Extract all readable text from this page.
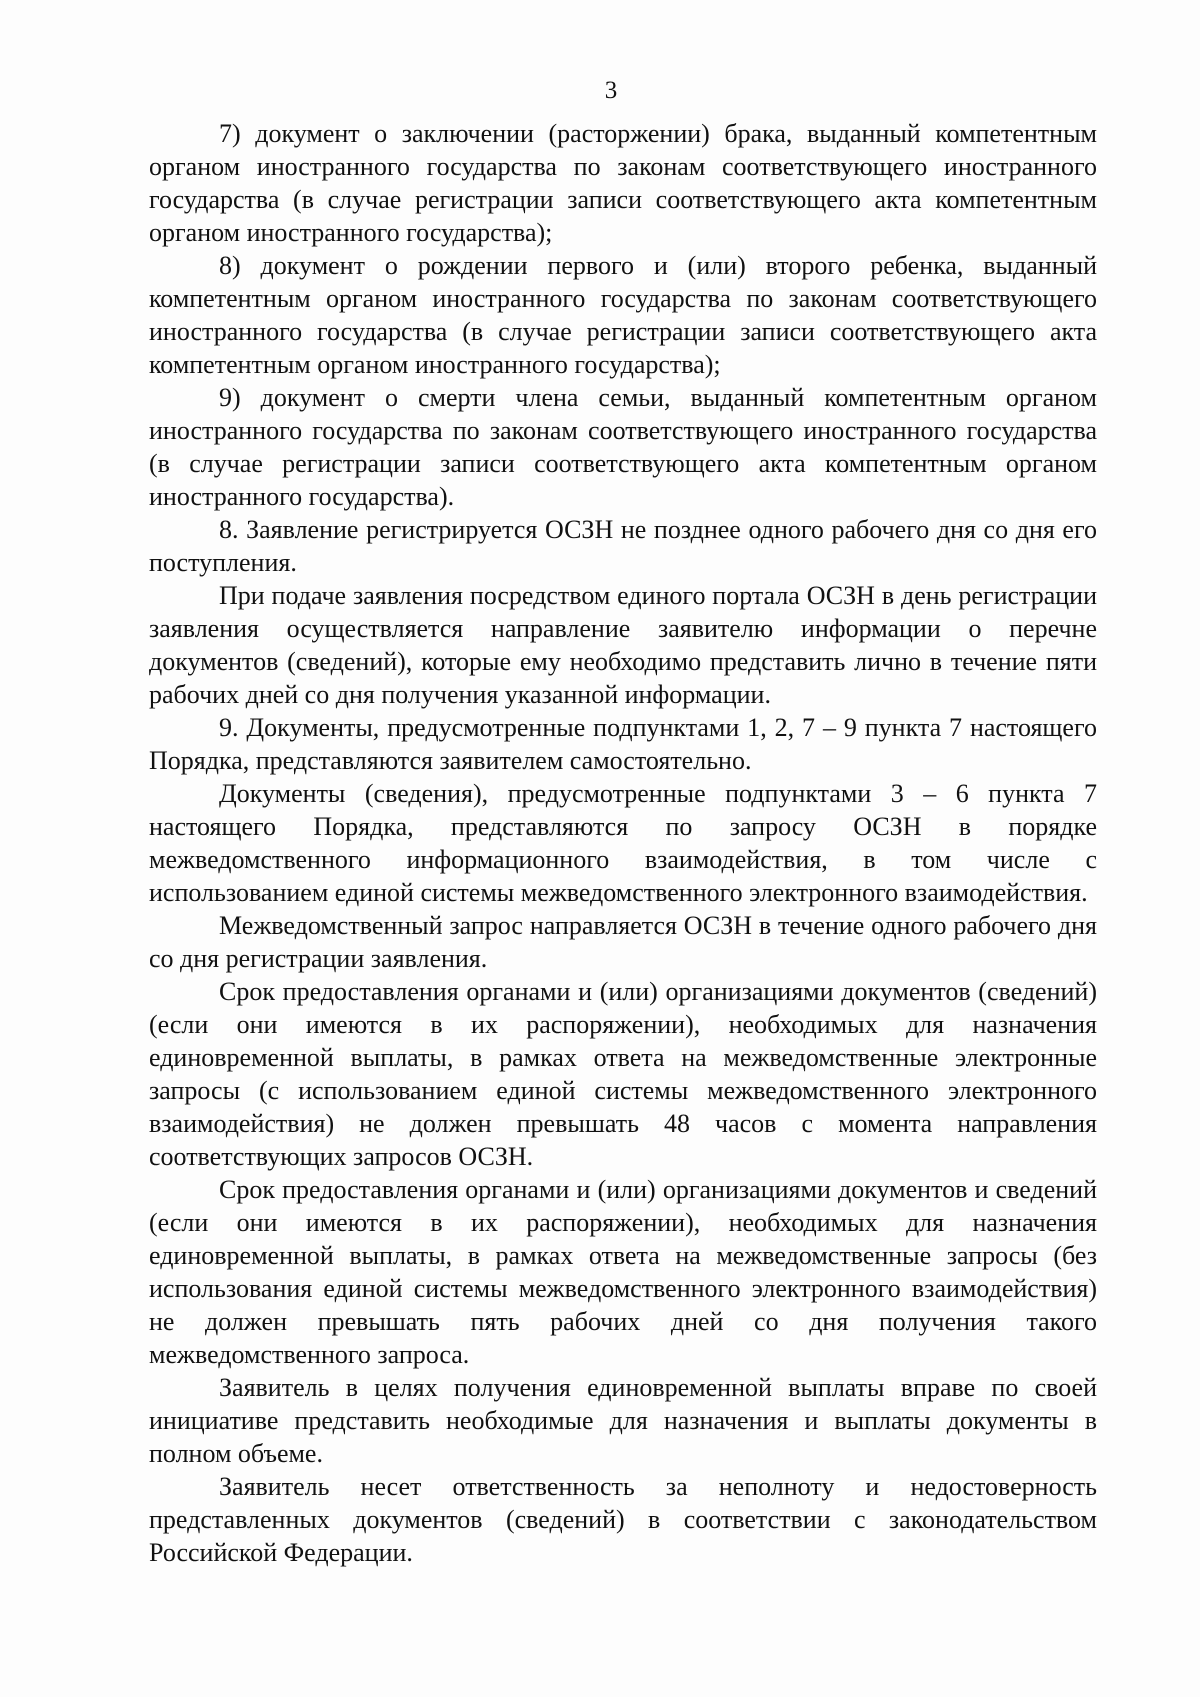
3

7) документ о заключении (расторжении) брака, выданный компетентным органом иностранного государства по законам соответствующего иностранного государства (в случае регистрации записи соответствующего акта компетентным органом иностранного государства);

8) документ о рождении первого и (или) второго ребенка, выданный компетентным органом иностранного государства по законам соответствующего иностранного государства (в случае регистрации записи соответствующего акта компетентным органом иностранного государства);

9) документ о смерти члена семьи, выданный компетентным органом иностранного государства по законам соответствующего иностранного государства (в случае регистрации записи соответствующего акта компетентным органом иностранного государства).

8. Заявление регистрируется ОСЗН не позднее одного рабочего дня со дня его поступления.

При подаче заявления посредством единого портала ОСЗН в день регистрации заявления осуществляется направление заявителю информации о перечне документов (сведений), которые ему необходимо представить лично в течение пяти рабочих дней со дня получения указанной информации.

9. Документы, предусмотренные подпунктами 1, 2, 7 – 9 пункта 7 настоящего Порядка, представляются заявителем самостоятельно.

Документы (сведения), предусмотренные подпунктами 3 – 6 пункта 7 настоящего Порядка, представляются по запросу ОСЗН в порядке межведомственного информационного взаимодействия, в том числе с использованием единой системы межведомственного электронного взаимодействия.

Межведомственный запрос направляется ОСЗН в течение одного рабочего дня со дня регистрации заявления.

Срок предоставления органами и (или) организациями документов (сведений) (если они имеются в их распоряжении), необходимых для назначения единовременной выплаты, в рамках ответа на межведомственные электронные запросы (с использованием единой системы межведомственного электронного взаимодействия) не должен превышать 48 часов с момента направления соответствующих запросов ОСЗН.

Срок предоставления органами и (или) организациями документов и сведений (если они имеются в их распоряжении), необходимых для назначения единовременной выплаты, в рамках ответа на межведомственные запросы (без использования единой системы межведомственного электронного взаимодействия) не должен превышать пять рабочих дней со дня получения такого межведомственного запроса.

Заявитель в целях получения единовременной выплаты вправе по своей инициативе представить необходимые для назначения и выплаты документы в полном объеме.

Заявитель несет ответственность за неполноту и недостоверность представленных документов (сведений) в соответствии с законодательством Российской Федерации.
